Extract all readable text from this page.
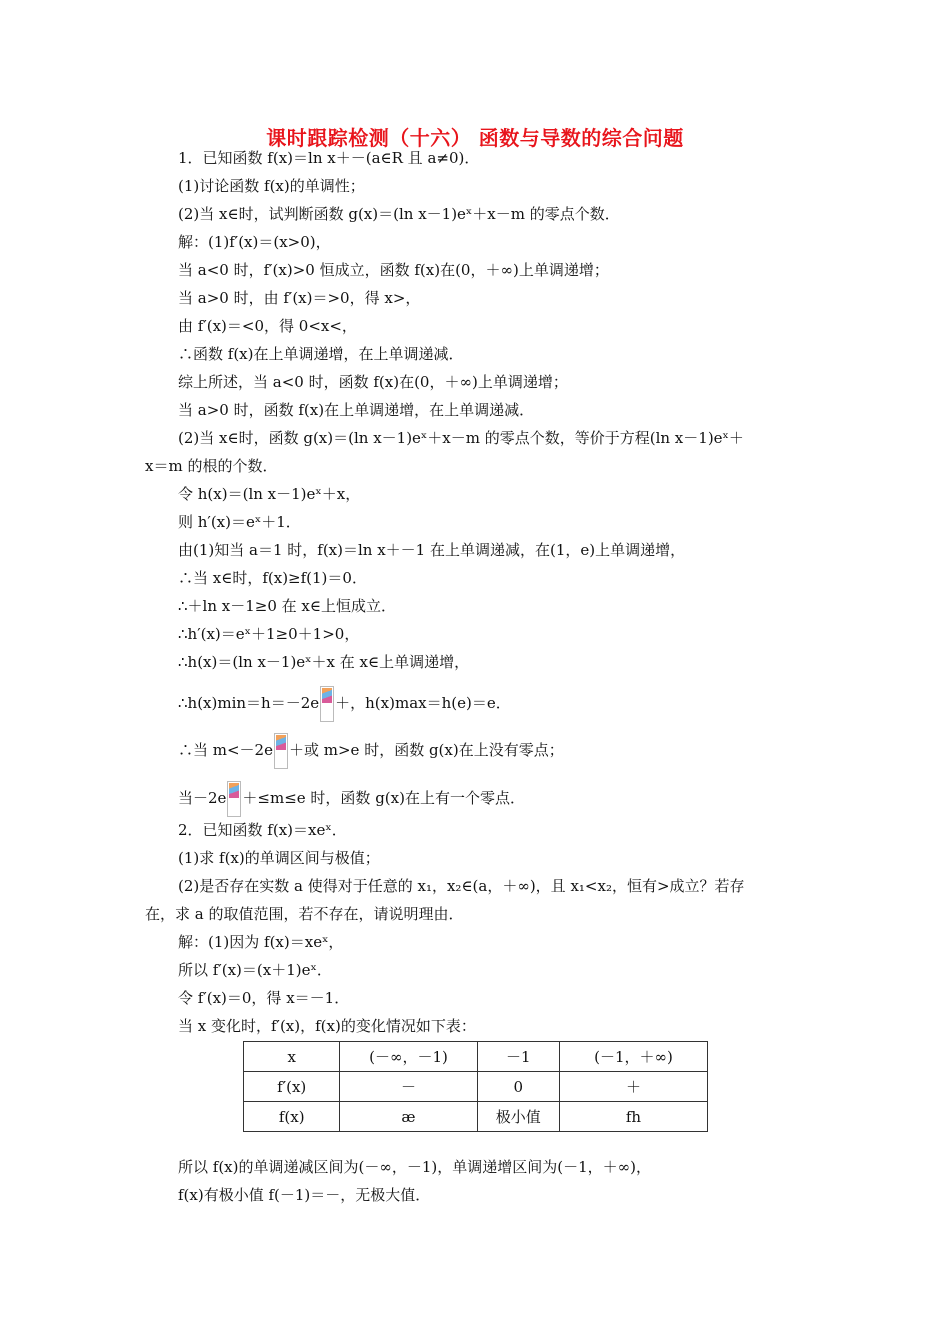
课时跟踪检测（十六） 函数与导数的综合问题
1．已知函数 f(x)＝ln x＋－(a∈R 且 a≠0)．
(1)讨论函数 f(x)的单调性；
(2)当 x∈时，试判断函数 g(x)＝(ln x－1)eˣ＋x－m 的零点个数．
解：(1)f′(x)＝(x>0)，
当 a<0 时，f′(x)>0 恒成立，函数 f(x)在(0，＋∞)上单调递增；
当 a>0 时，由 f′(x)＝>0，得 x>，
由 f′(x)＝<0，得 0<x<，
∴函数 f(x)在上单调递增，在上单调递减．
综上所述，当 a<0 时，函数 f(x)在(0，＋∞)上单调递增；
当 a>0 时，函数 f(x)在上单调递增，在上单调递减．
(2)当 x∈时，函数 g(x)＝(ln x－1)eˣ＋x－m 的零点个数，等价于方程(ln x－1)eˣ＋
x＝m 的根的个数．
令 h(x)＝(ln x－1)eˣ＋x，
则 h′(x)＝eˣ＋1．
由(1)知当 a＝1 时，f(x)＝ln x＋－1 在上单调递减，在(1，e)上单调递增，
∴当 x∈时，f(x)≥f(1)＝0．
∴＋ln x－1≥0 在 x∈上恒成立．
∴h′(x)＝eˣ＋1≥0＋1>0，
∴h(x)＝(ln x－1)eˣ＋x 在 x∈上单调递增，
∴h(x)min＝h＝－2e ＋，h(x)max＝h(e)＝e．
∴当 m<－2e ＋或 m>e 时，函数 g(x)在上没有零点；
当－2e ＋≤m≤e 时，函数 g(x)在上有一个零点．
2．已知函数 f(x)＝xeˣ．
(1)求 f(x)的单调区间与极值；
(2)是否存在实数 a 使得对于任意的 x₁，x₂∈(a，＋∞)，且 x₁<x₂，恒有>成立？若存
在，求 a 的取值范围，若不存在，请说明理由．
解：(1)因为 f(x)＝xeˣ，
所以 f′(x)＝(x＋1)eˣ．
令 f′(x)＝0，得 x＝－1．
当 x 变化时，f′(x)，f(x)的变化情况如下表：
所以 f(x)的单调递减区间为(－∞，－1)，单调递增区间为(－1，＋∞)，
f(x)有极小值 f(－1)＝－，无极大值．
x	(－∞，－1)	－1	(－1，＋∞)
f′(x)	－	0	＋
f(x)	æ	极小值	fh
